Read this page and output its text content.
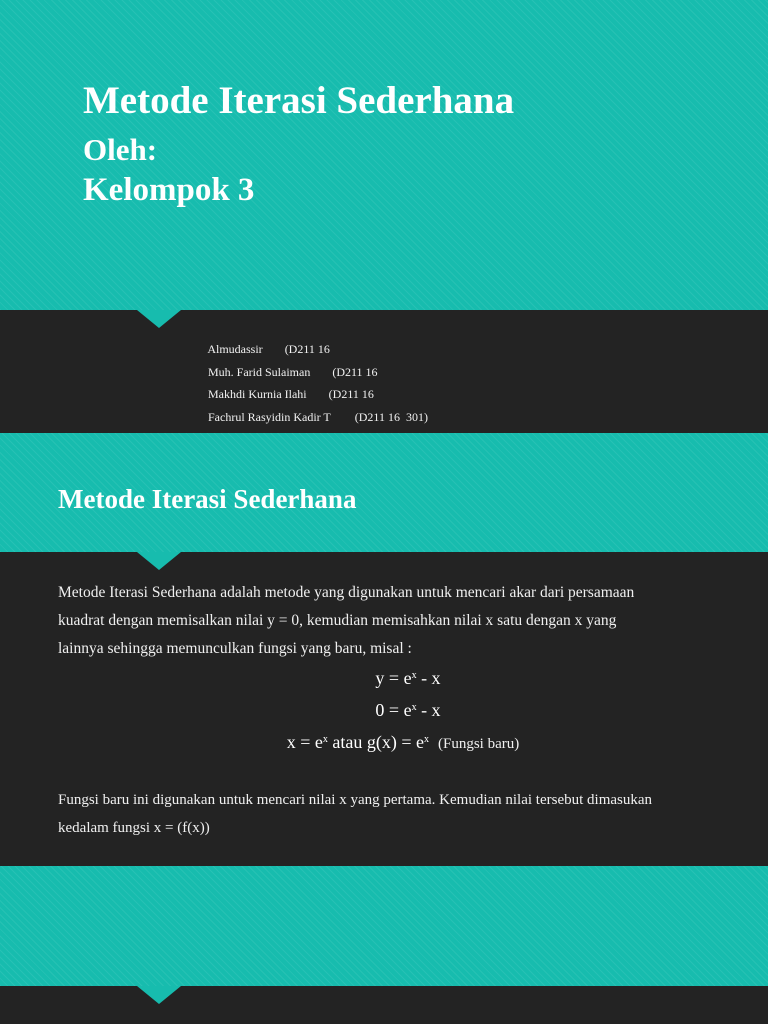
Metode Iterasi Sederhana
Oleh:
Kelompok 3

Almudassir (D211 16

Muh. Farid Sulaiman (D211 16

Makhdi Kurnia Ilahi (D211 16

Fachrul Rasyidin Kadir T (D211 16  301)

Metode Iterasi Sederhana
Metode Iterasi Sederhana adalah metode yang digunakan untuk mencari akar dari persamaan
kuadrat dengan memisalkan nilai y = 0, kemudian memisahkan nilai x satu dengan x yang
lainnya sehingga memunculkan fungsi yang baru, misal :
$y = e^x - x$
$0 = e^x - x$
$x = e^x$ atau $g(x) = e^x$ (Fungsi baru)
Fungsi baru ini digunakan untuk mencari nilai x yang pertama. Kemudian nilai tersebut dimasukan
kedalam fungsi x = (f(x))
